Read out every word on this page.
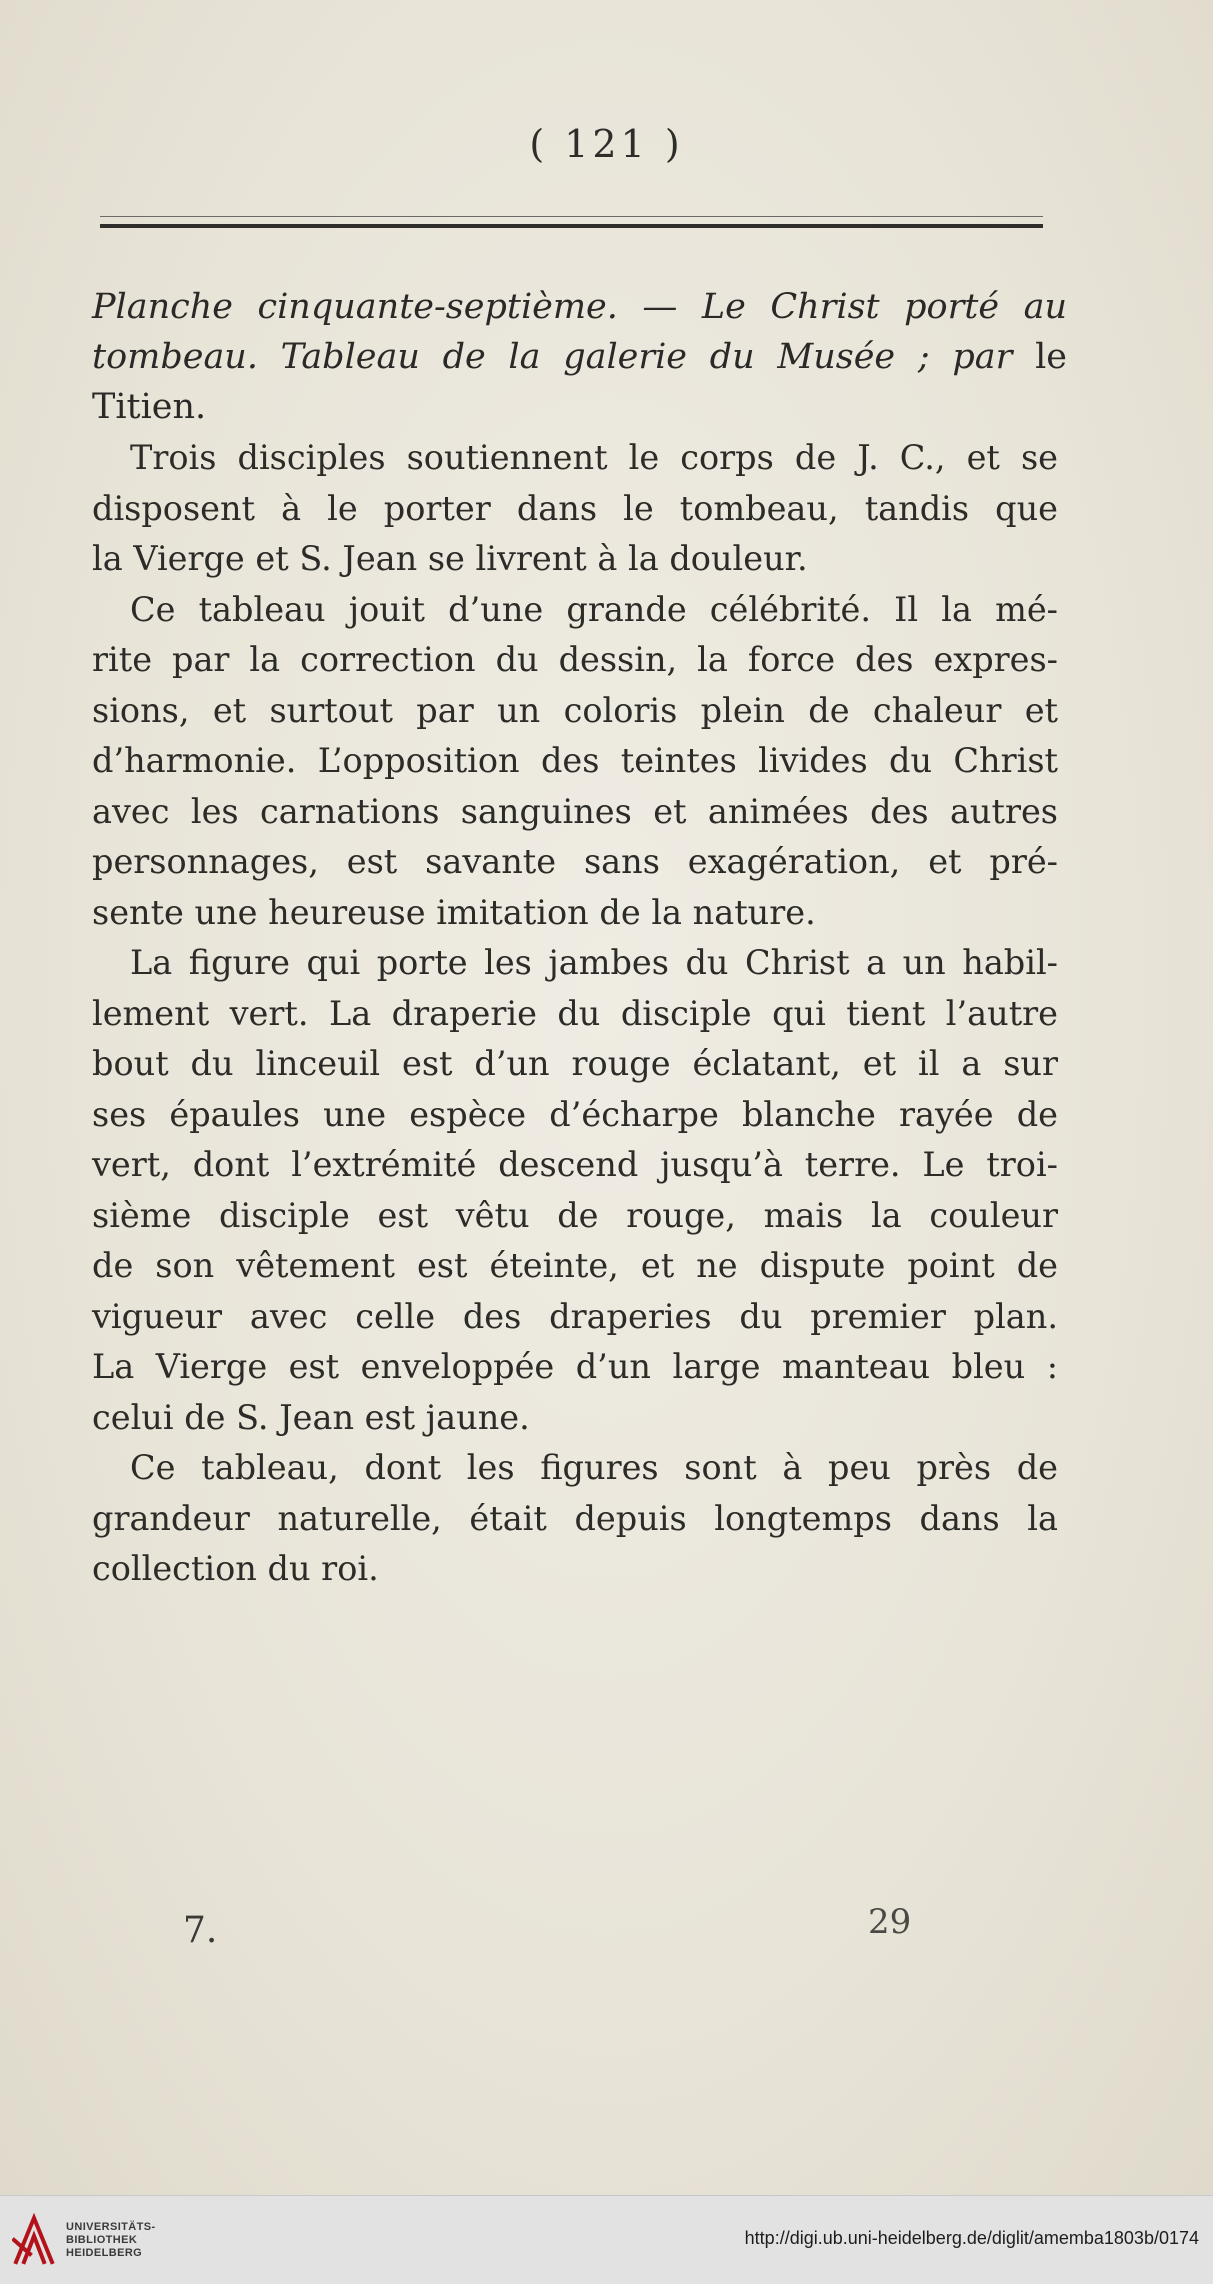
( 121 )
Planche cinquante-septième. — Le Christ porté au tombeau. Tableau de la galerie du Musée ; par le Titien.

Trois disciples soutiennent le corps de J. C., et se
disposent à le porter dans le tombeau, tandis que
la Vierge et S. Jean se livrent à la douleur.

Ce tableau jouit d’une grande célébrité. Il la mé-
rite par la correction du dessin, la force des expres-
sions, et surtout par un coloris plein de chaleur et
d’harmonie. L’opposition des teintes livides du Christ
avec les carnations sanguines et animées des autres
personnages, est savante sans exagération, et pré-
sente une heureuse imitation de la nature.

La figure qui porte les jambes du Christ a un habil-
lement vert. La draperie du disciple qui tient l’autre
bout du linceuil est d’un rouge éclatant, et il a sur
ses épaules une espèce d’écharpe blanche rayée de
vert, dont l’extrémité descend jusqu’à terre. Le troi-
sième disciple est vêtu de rouge, mais la couleur
de son vêtement est éteinte, et ne dispute point de
vigueur avec celle des draperies du premier plan.
La Vierge est enveloppée d’un large manteau bleu :
celui de S. Jean est jaune.

Ce tableau, dont les figures sont à peu près de
grandeur naturelle, était depuis longtemps dans la
collection du roi.

7.	29
UNIVERSITÄTS-
BIBLIOTHEK
HEIDELBERG
http://digi.ub.uni-heidelberg.de/diglit/amemba1803b/0174
